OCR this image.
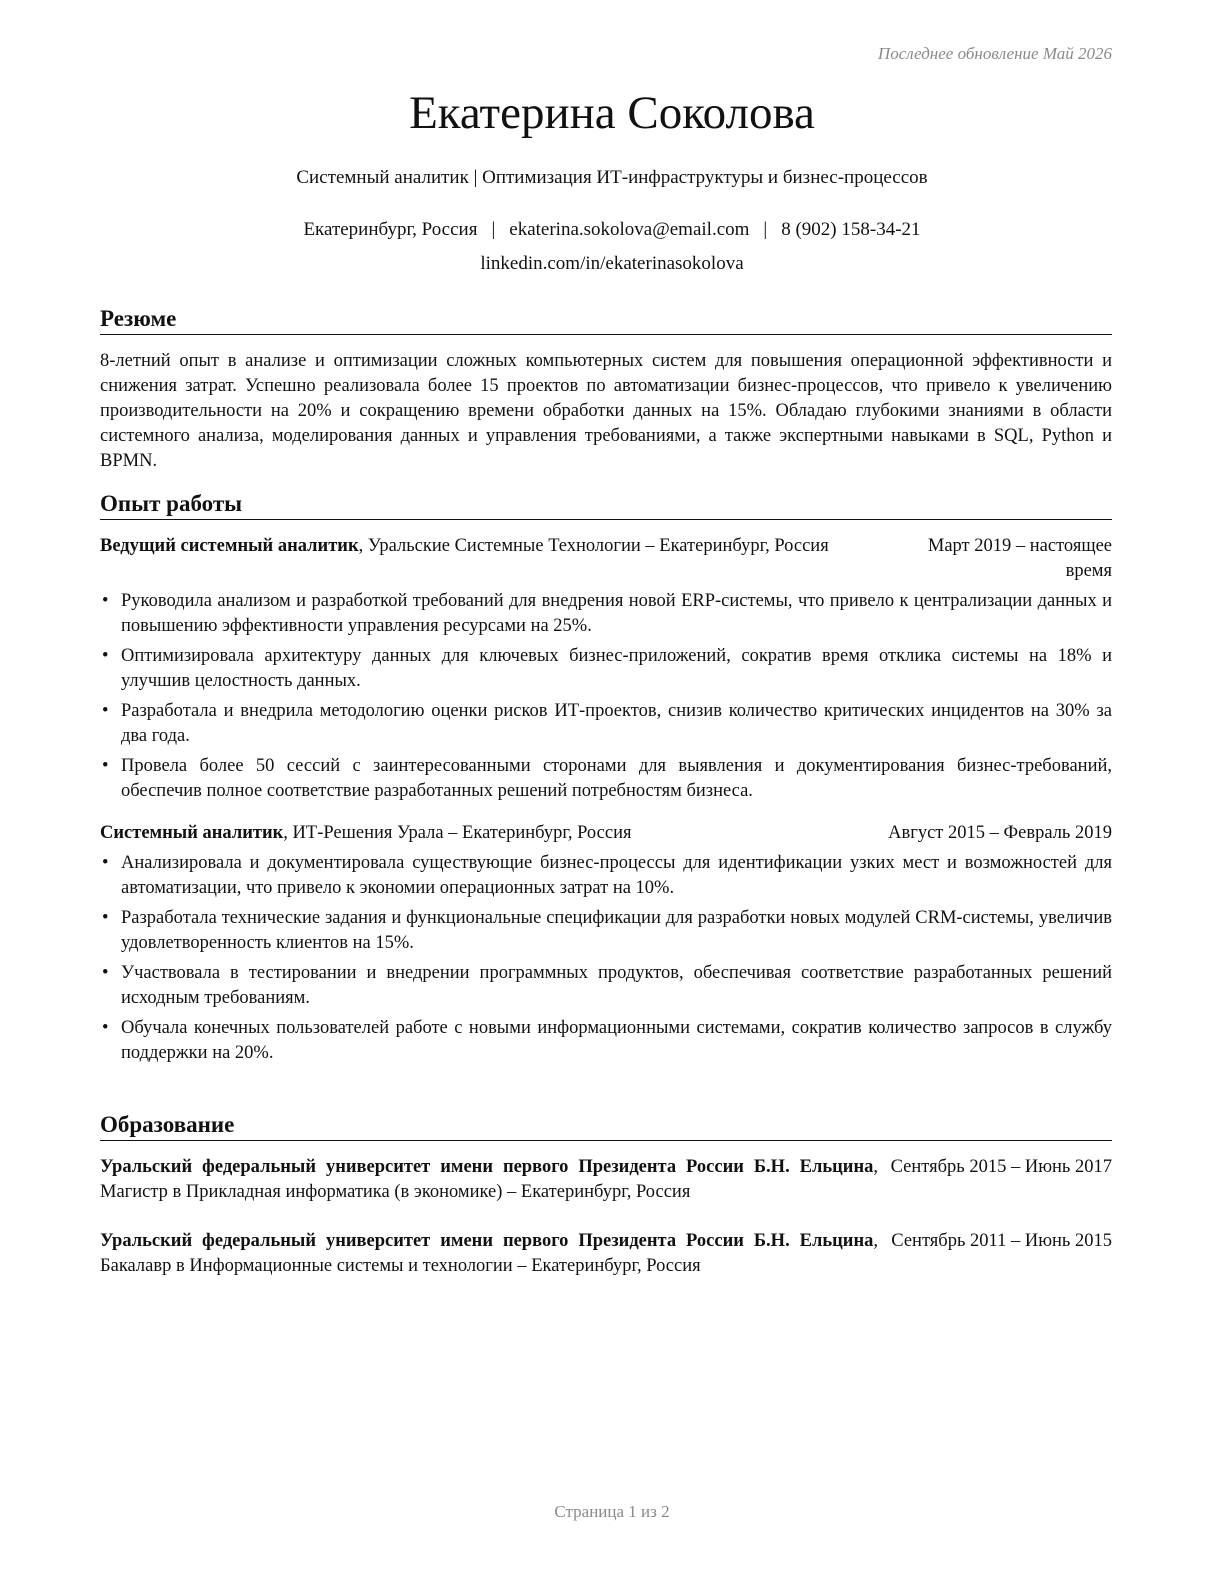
Последнее обновление Май 2026
Екатерина Соколова
Системный аналитик | Оптимизация ИТ-инфраструктуры и бизнес-процессов
Екатеринбург, Россия | ekaterina.sokolova@email.com | 8 (902) 158-34-21
linkedin.com/in/ekaterinasokolova
Резюме
8-летний опыт в анализе и оптимизации сложных компьютерных систем для повышения операционной эффективности и снижения затрат. Успешно реализовала более 15 проектов по автоматизации бизнес-процессов, что привело к увеличению производительности на 20% и сокращению времени обработки данных на 15%. Обладаю глубокими знаниями в области системного анализа, моделирования данных и управления требованиями, а также экспертными навыками в SQL, Python и BPMN.
Опыт работы
Ведущий системный аналитик, Уральские Системные Технологии – Екатеринбург, Россия	Март 2019 – настоящее время
• Руководила анализом и разработкой требований для внедрения новой ERP-системы, что привело к централизации данных и повышению эффективности управления ресурсами на 25%.
• Оптимизировала архитектуру данных для ключевых бизнес-приложений, сократив время отклика системы на 18% и улучшив целостность данных.
• Разработала и внедрила методологию оценки рисков ИТ-проектов, снизив количество критических инцидентов на 30% за два года.
• Провела более 50 сессий с заинтересованными сторонами для выявления и документирования бизнес-требований, обеспечив полное соответствие разработанных решений потребностям бизнеса.
Системный аналитик, ИТ-Решения Урала – Екатеринбург, Россия	Август 2015 – Февраль 2019
• Анализировала и документировала существующие бизнес-процессы для идентификации узких мест и возможностей для автоматизации, что привело к экономии операционных затрат на 10%.
• Разработала технические задания и функциональные спецификации для разработки новых модулей CRM-системы, увеличив удовлетворенность клиентов на 15%.
• Участвовала в тестировании и внедрении программных продуктов, обеспечивая соответствие разработанных решений исходным требованиям.
• Обучала конечных пользователей работе с новыми информационными системами, сократив количество запросов в службу поддержки на 20%.
Образование
Уральский федеральный университет имени первого Президента России Б.Н. Ельцина, Магистр в Прикладная информатика (в экономике) – Екатеринбург, Россия
Сентябрь 2015 – Июнь 2017
Уральский федеральный университет имени первого Президента России Б.Н. Ельцина, Бакалавр в Информационные системы и технологии – Екатеринбург, Россия
Сентябрь 2011 – Июнь 2015
Страница 1 из 2
